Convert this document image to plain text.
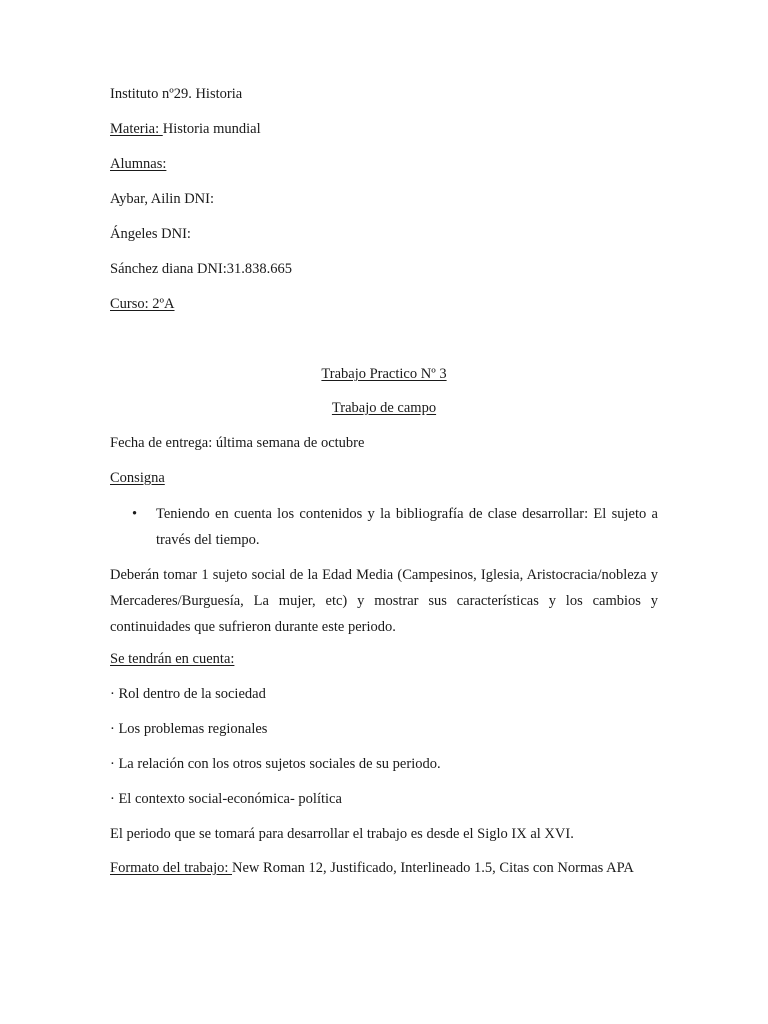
Instituto nº29. Historia
Materia: Historia mundial
Alumnas:
Aybar, Ailin DNI:
Ángeles DNI:
Sánchez diana DNI:31.838.665
Curso: 2ºA
Trabajo Practico Nº 3
Trabajo de campo
Fecha de entrega: última semana de octubre
Consigna
• Teniendo en cuenta los contenidos y la bibliografía de clase desarrollar: El sujeto a través del tiempo.
Deberán tomar 1 sujeto social de la Edad Media (Campesinos, Iglesia, Aristocracia/nobleza y Mercaderes/Burguesía, La mujer, etc) y mostrar sus características y los cambios y continuidades que sufrieron durante este periodo.
Se tendrán en cuenta:
· Rol dentro de la sociedad
· Los problemas regionales
· La relación con los otros sujetos sociales de su periodo.
· El contexto social-económica- política
El periodo que se tomará para desarrollar el trabajo es desde el Siglo IX al XVI.
Formato del trabajo: New Roman 12, Justificado, Interlineado 1.5, Citas con Normas APA
